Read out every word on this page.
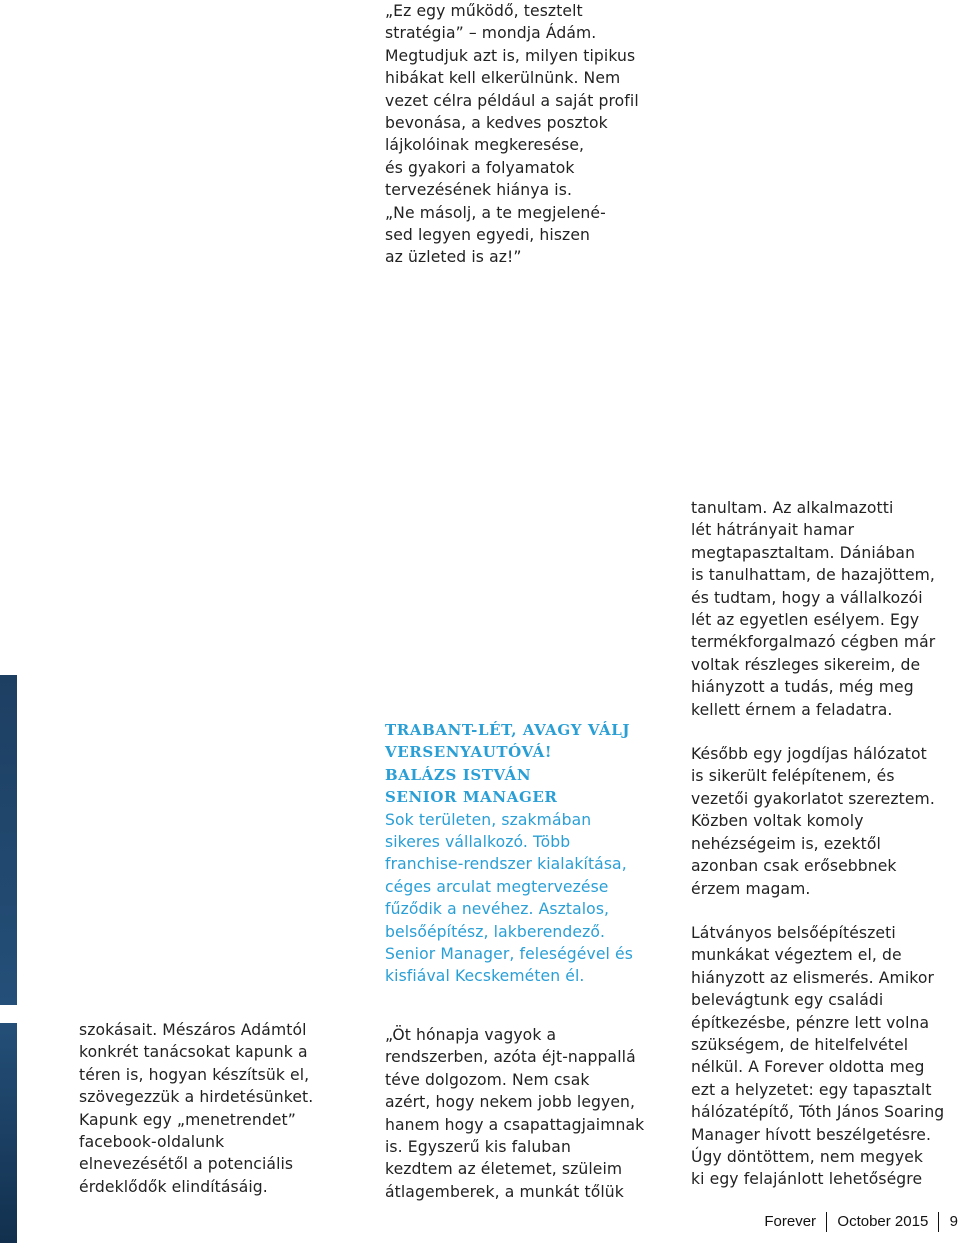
„Ez egy működő, tesztelt
stratégia” – mondja Ádám.
Megtudjuk azt is, milyen tipikus
hibákat kell elkerülnünk. Nem
vezet célra például a saját profil
bevonása, a kedves posztok
lájkolóinak megkeresése,
és gyakori a folyamatok
tervezésének hiánya is.
„Ne másolj, a te megjelené-
sed legyen egyedi, hiszen
az üzleted is az!”

szokásait. Mészáros Adámtól
konkrét tanácsokat kapunk a
téren is, hogyan készítsük el,
szövegezzük a hirdetésünket.
Kapunk egy „menetrendet”
facebook-oldalunk
elnevezésétől a potenciális
érdeklődők elindításáig.

TRABANT-LÉT, AVAGY VÁLJ
VERSENYAUTÓVÁ!
BALÁZS ISTVÁN
SENIOR MANAGER

Sok területen, szakmában
sikeres vállalkozó. Több
franchise-rendszer kialakítása,
céges arculat megtervezése
fűződik a nevéhez. Asztalos,
belsőépítész, lakberendező.
Senior Manager, feleségével és
kisfiával Kecskeméten él.

„Öt hónapja vagyok a
rendszerben, azóta éjt-nappallá
téve dolgozom. Nem csak
azért, hogy nekem jobb legyen,
hanem hogy a csapattagjaimnak
is. Egyszerű kis faluban
kezdtem az életemet, szüleim
átlagemberek, a munkát tőlük

tanultam. Az alkalmazotti
lét hátrányait hamar
megtapasztaltam. Dániában
is tanulhattam, de hazajöttem,
és tudtam, hogy a vállalkozói
lét az egyetlen esélyem. Egy
termékforgalmazó cégben már
voltak részleges sikereim, de
hiányzott a tudás, még meg
kellett érnem a feladatra.

Később egy jogdíjas hálózatot
is sikerült felépítenem, és
vezetői gyakorlatot szereztem.
Közben voltak komoly
nehézségeim is, ezektől
azonban csak erősebbnek
érzem magam.

Látványos belsőépítészeti
munkákat végeztem el, de
hiányzott az elismerés. Amikor
belevágtunk egy családi
építkezésbe, pénzre lett volna
szükségem, de hitelfelvétel
nélkül. A Forever oldotta meg
ezt a helyzetet: egy tapasztalt
hálózatépítő, Tóth János Soaring
Manager hívott beszélgetésre.
Úgy döntöttem, nem megyek
ki egy felajánlott lehetőségre

Forever October 2015 9
